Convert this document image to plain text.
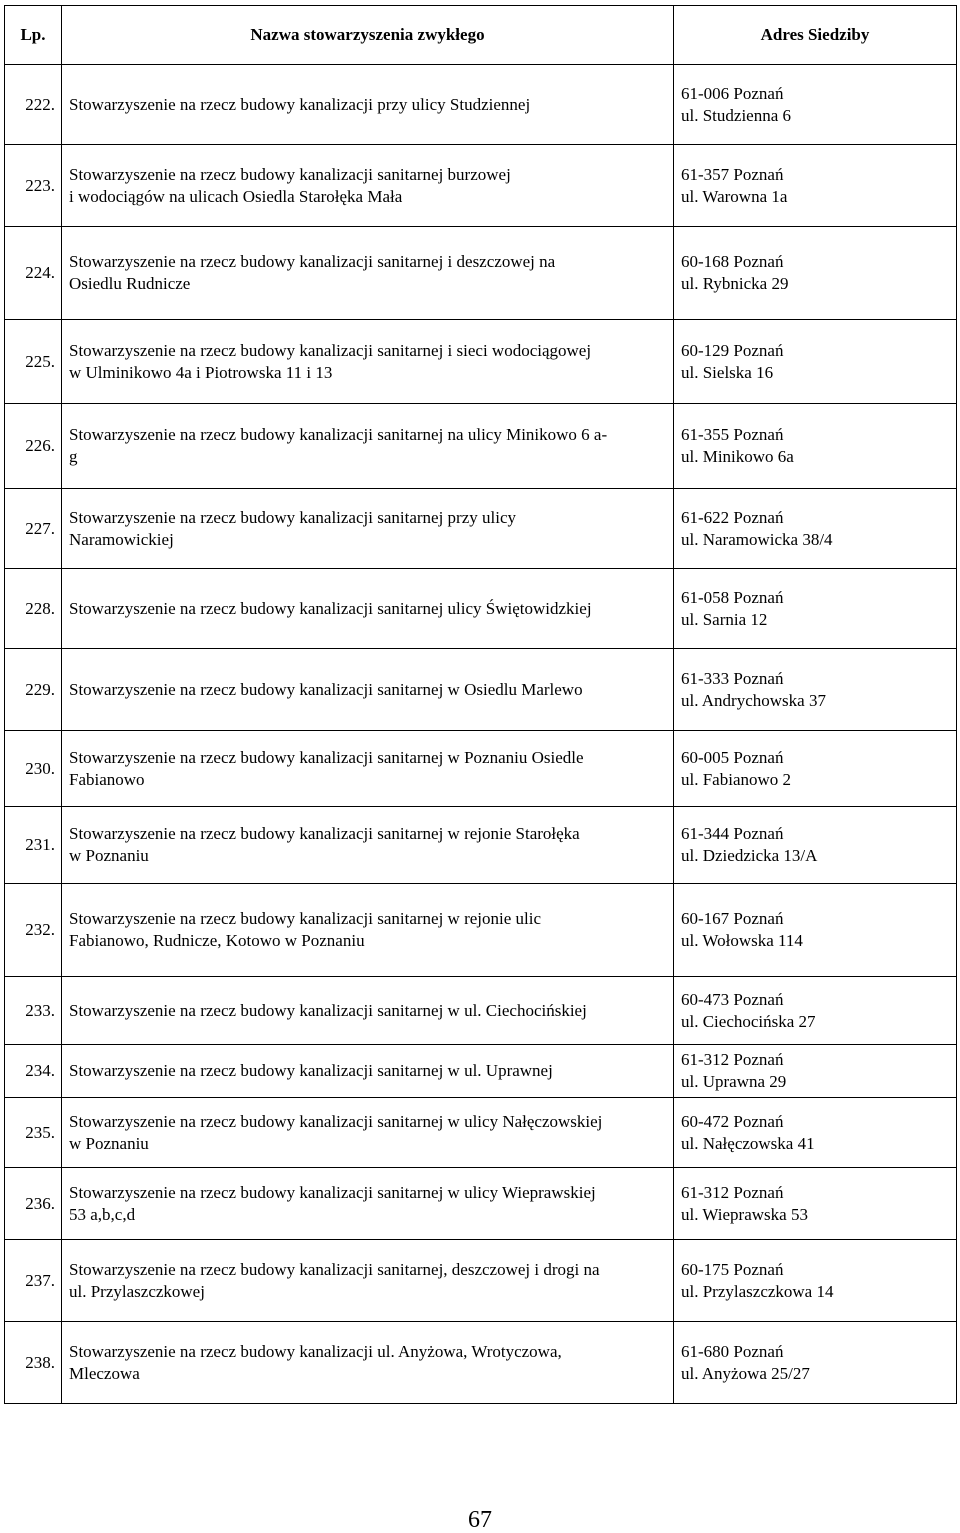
Lp.	Nazwa stowarzyszenia zwykłego	Adres Siedziby
222.	Stowarzyszenie na rzecz budowy kanalizacji przy ulicy Studziennej	61-006 Poznań
ul. Studzienna 6

223.	Stowarzyszenie na rzecz budowy kanalizacji sanitarnej burzowej
i wodociągów na ulicach Osiedla Starołęka Mała	61-357 Poznań
ul. Warowna 1a

224.	Stowarzyszenie na rzecz budowy kanalizacji sanitarnej i deszczowej na
Osiedlu Rudnicze	60-168 Poznań
ul. Rybnicka 29

225.	Stowarzyszenie na rzecz budowy kanalizacji sanitarnej i sieci wodociągowej
w Ulminikowo 4a i Piotrowska 11 i 13	60-129 Poznań
ul. Sielska 16

226.	Stowarzyszenie na rzecz budowy kanalizacji sanitarnej na ulicy Minikowo 6 a-
g	61-355 Poznań
ul. Minikowo 6a

227.	Stowarzyszenie na rzecz budowy kanalizacji sanitarnej przy ulicy
Naramowickiej	61-622 Poznań
ul. Naramowicka 38/4

228.	Stowarzyszenie na rzecz budowy kanalizacji sanitarnej ulicy Świętowidzkiej	61-058 Poznań
ul. Sarnia 12

229.	Stowarzyszenie na rzecz budowy kanalizacji sanitarnej w Osiedlu Marlewo	61-333 Poznań
ul. Andrychowska 37

230.	Stowarzyszenie na rzecz budowy kanalizacji sanitarnej w Poznaniu Osiedle
Fabianowo	60-005 Poznań
ul. Fabianowo 2

231.	Stowarzyszenie na rzecz budowy kanalizacji sanitarnej w rejonie Starołęka
w Poznaniu	61-344 Poznań
ul. Dziedzicka 13/A

232.	Stowarzyszenie na rzecz budowy kanalizacji sanitarnej w rejonie ulic
Fabianowo, Rudnicze, Kotowo w Poznaniu	60-167 Poznań
ul. Wołowska 114

233.	Stowarzyszenie na rzecz budowy kanalizacji sanitarnej w ul. Ciechocińskiej	60-473 Poznań
ul. Ciechocińska 27

234.	Stowarzyszenie na rzecz budowy kanalizacji sanitarnej w ul. Uprawnej	61-312 Poznań
ul. Uprawna 29

235.	Stowarzyszenie na rzecz budowy kanalizacji sanitarnej w ulicy Nałęczowskiej
w Poznaniu	60-472 Poznań
ul. Nałęczowska 41

236.	Stowarzyszenie na rzecz budowy kanalizacji sanitarnej w ulicy Wieprawskiej
53 a,b,c,d	61-312 Poznań
ul. Wieprawska 53

237.	Stowarzyszenie na rzecz budowy kanalizacji sanitarnej, deszczowej i drogi na
ul. Przylaszczkowej	60-175 Poznań
ul. Przylaszczkowa 14

238.	Stowarzyszenie na rzecz budowy kanalizacji ul. Anyżowa, Wrotyczowa,
Mleczowa	61-680 Poznań
ul. Anyżowa 25/27
67
